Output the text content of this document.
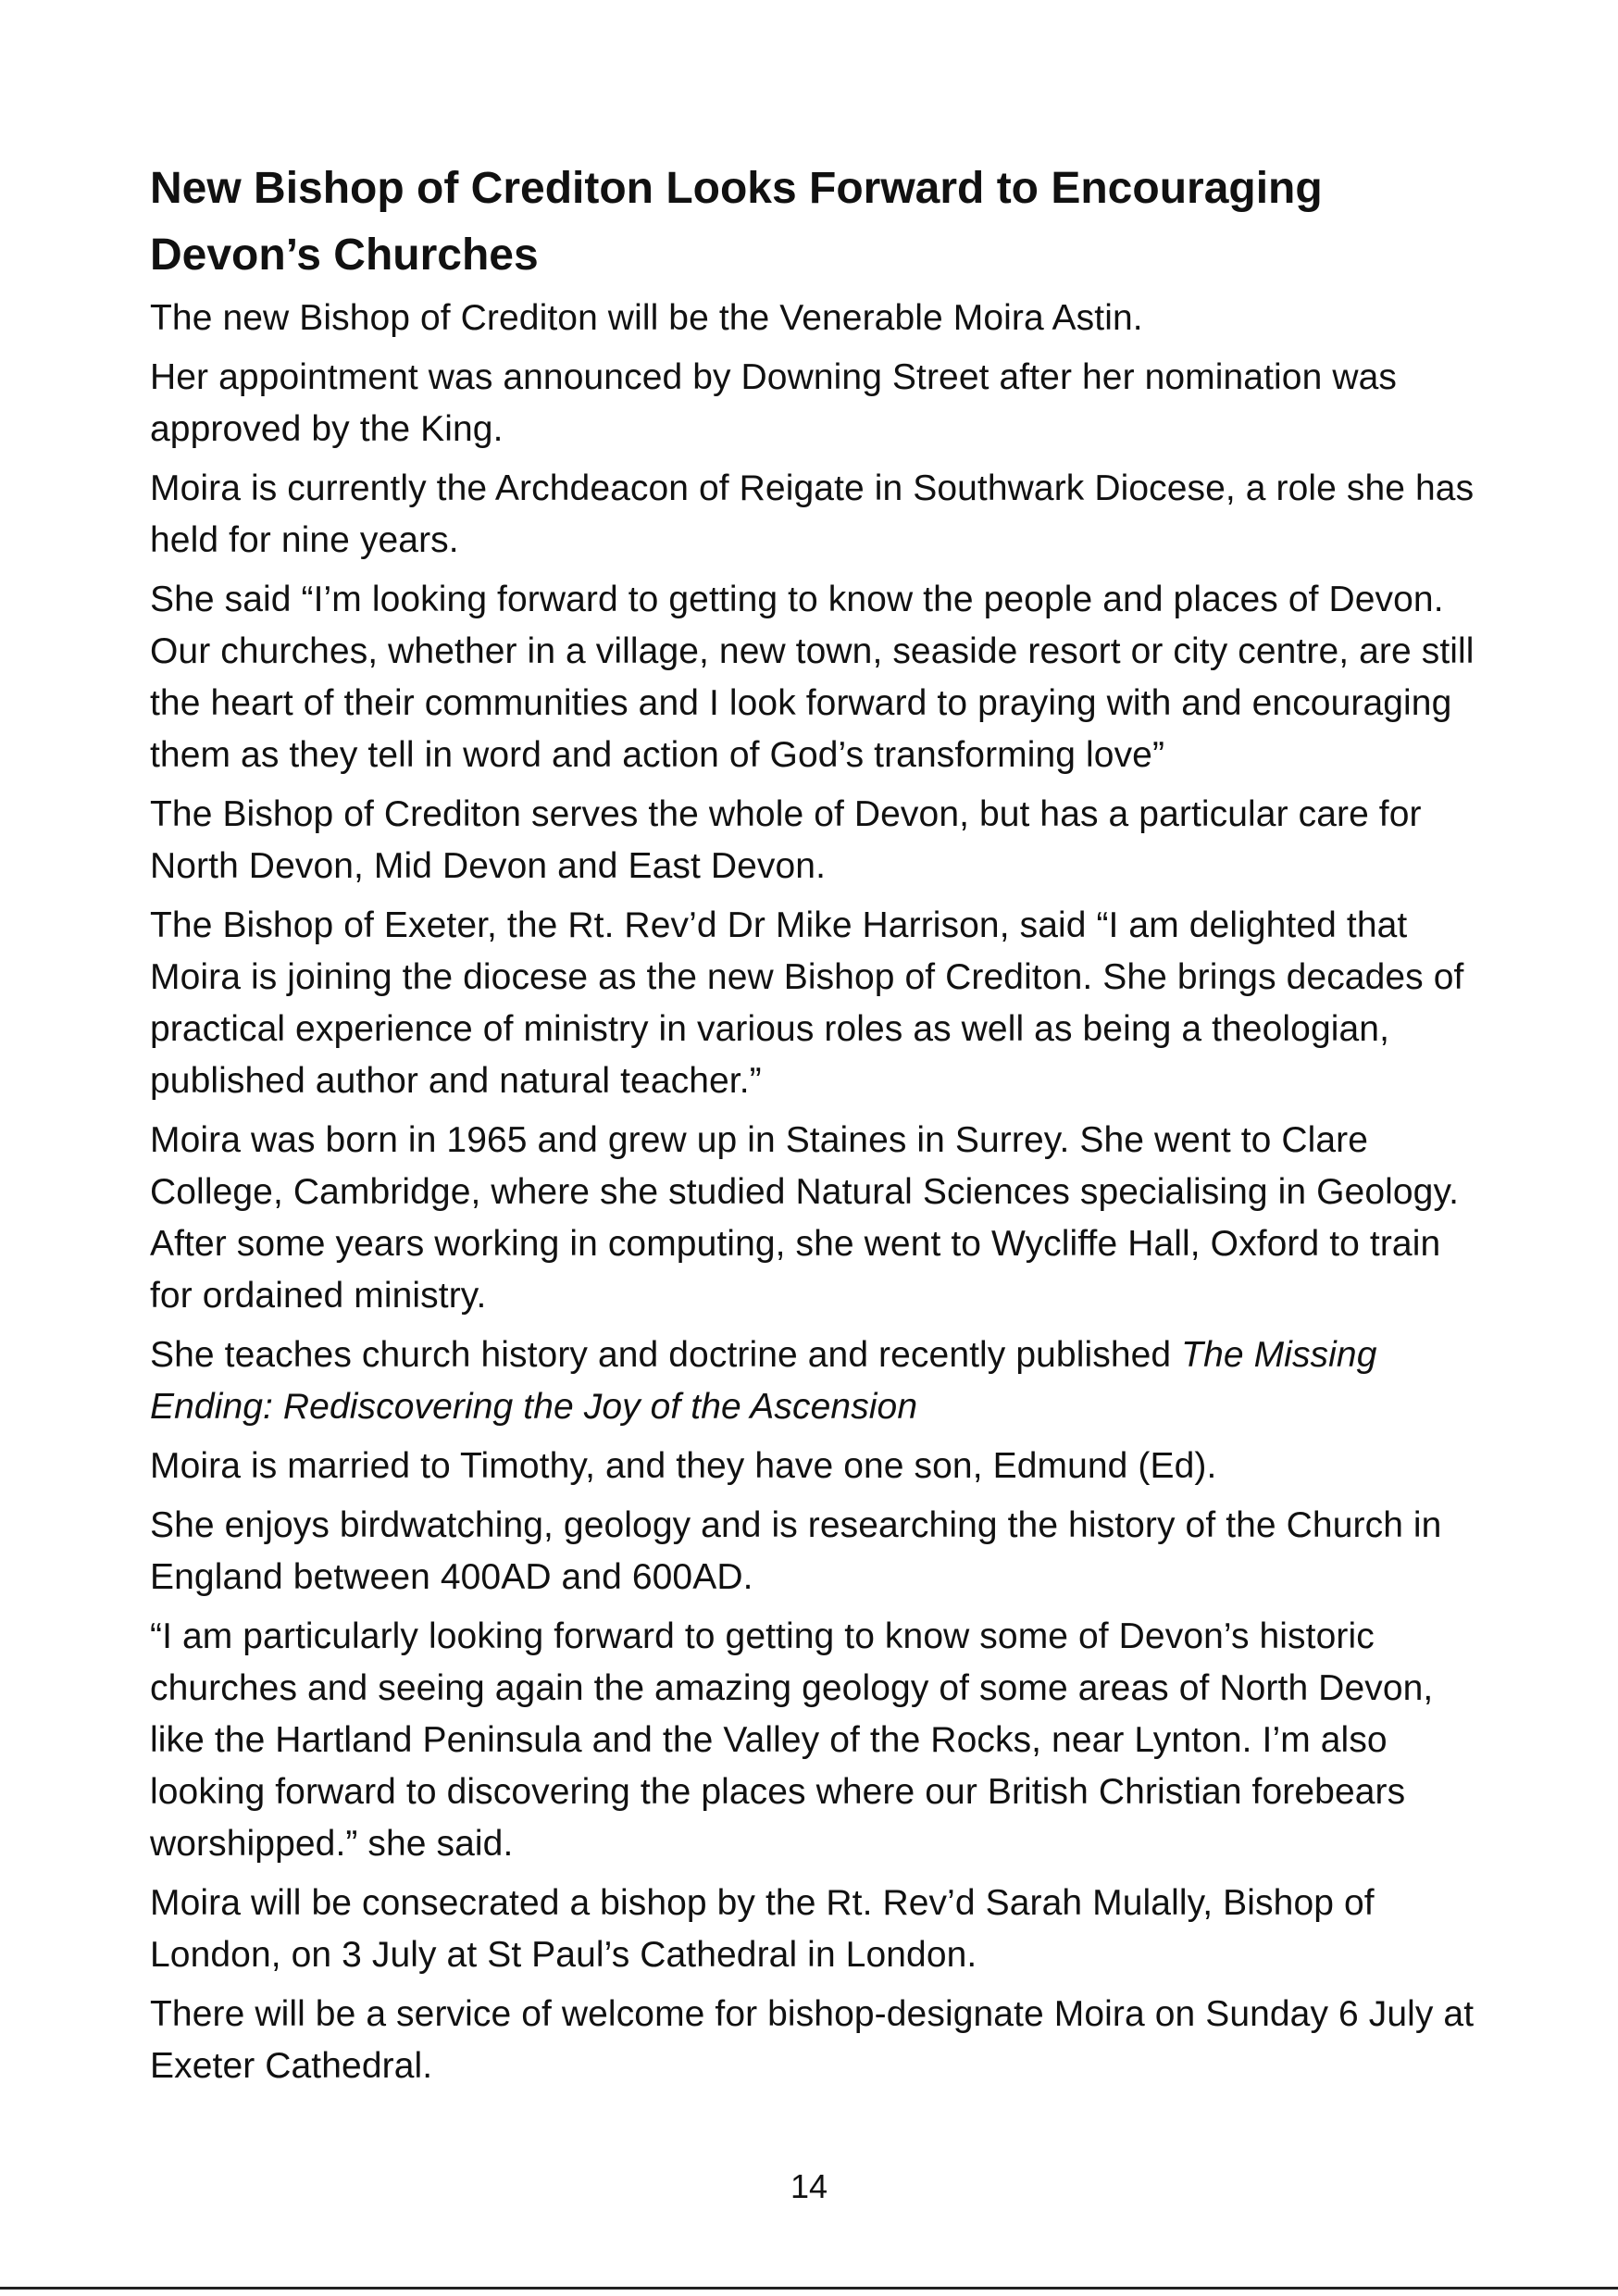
New Bishop of Crediton Looks Forward to Encouraging Devon’s Churches

The new Bishop of Crediton will be the Venerable Moira Astin.

Her appointment was announced by Downing Street after her nomination was approved by the King.

Moira is currently the Archdeacon of Reigate in Southwark Diocese, a role she has held for nine years.

She said “I’m looking forward to getting to know the people and places of Devon. Our churches, whether in a village, new town, seaside resort or city centre, are still the heart of their communities and I look forward to praying with and encouraging them as they tell in word and action of God’s transforming love”

The Bishop of Crediton serves the whole of Devon, but has a particular care for North Devon, Mid Devon and East Devon.

The Bishop of Exeter, the Rt. Rev’d Dr Mike Harrison, said “I am delighted that Moira is joining the diocese as the new Bishop of Crediton. She brings decades of practical experience of ministry in various roles as well as being a theologian, published author and natural teacher.”

Moira was born in 1965 and grew up in Staines in Surrey. She went to Clare College, Cambridge, where she studied Natural Sciences specialising in Geology. After some years working in computing, she went to Wycliffe Hall, Oxford to train for ordained ministry.

She teaches church history and doctrine and recently published The Missing Ending: Rediscovering the Joy of the Ascension

Moira is married to Timothy, and they have one son, Edmund (Ed).

She enjoys birdwatching, geology and is researching the history of the Church in England between 400AD and 600AD.

“I am particularly looking forward to getting to know some of Devon’s historic churches and seeing again the amazing geology of some areas of North Devon, like the Hartland Peninsula and the Valley of the Rocks, near Lynton. I’m also looking forward to discovering the places where our British Christian forebears worshipped.” she said.

Moira will be consecrated a bishop by the Rt. Rev’d Sarah Mulally, Bishop of London, on 3 July at St Paul’s Cathedral in London.

There will be a service of welcome for bishop-designate Moira on Sunday 6 July at Exeter Cathedral.

14
